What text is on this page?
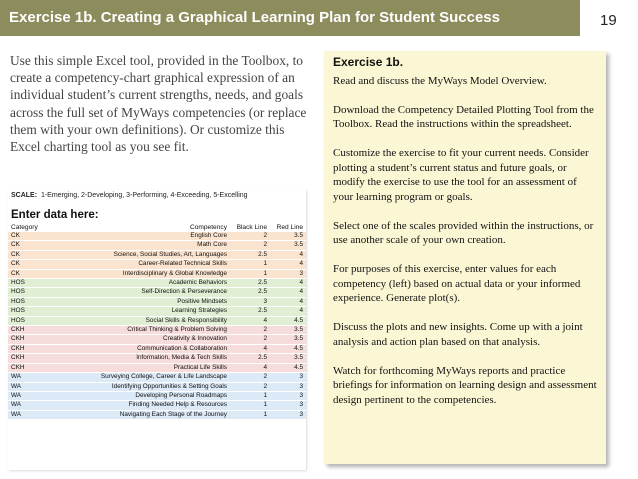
Exercise 1b. Creating a Graphical Learning Plan for Student Success	19

Use this simple Excel tool, provided in the Toolbox, to create a competency-chart graphical expression of an individual student’s current strengths, needs, and goals across the full set of MyWays competencies (or replace them with your own definitions). Or customize this Excel charting tool as you see fit.

SCALE: 1-Emerging, 2-Developing, 3-Performing, 4-Exceeding, 5-Excelling
Enter data here:
Category	Competency	Black Line	Red Line
CK	English Core	2	3.5
CK	Math Core	2	3.5
CK	Science, Social Studies, Art, Languages	2.5	4
CK	Career-Related Technical Skills	1	4
CK	Interdisciplinary & Global Knowledge	1	3
HOS	Academic Behaviors	2.5	4
HOS	Self-Direction & Perseverance	2.5	4
HOS	Positive Mindsets	3	4
HOS	Learning Strategies	2.5	4
HOS	Social Skills & Responsibility	4	4.5
CKH	Critical Thinking & Problem Solving	2	3.5
CKH	Creativity & Innovation	2	3.5
CKH	Communication & Collaboration	4	4.5
CKH	Information, Media & Tech Skills	2.5	3.5
CKH	Practical Life Skills	4	4.5
WA	Surveying College, Career & Life Landscape	2	3
WA	Identifying Opportunities & Setting Goals	2	3
WA	Developing Personal Roadmaps	1	3
WA	Finding Needed Help & Resources	1	3
WA	Navigating Each Stage of the Journey	1	3
Exercise 1b.

Read and discuss the MyWays Model Overview.

Download the Competency Detailed Plotting Tool from the Toolbox. Read the instructions within the spreadsheet.

Customize the exercise to fit your current needs. Consider plotting a student’s current status and future goals, or modify the exercise to use the tool for an assessment of your learning program or goals.

Select one of the scales provided within the instructions, or use another scale of your own creation.

For purposes of this exercise, enter values for each competency (left) based on actual data or your informed experience. Generate plot(s).

Discuss the plots and new insights. Come up with a joint analysis and action plan based on that analysis.

Watch for forthcoming MyWays reports and practice briefings for information on learning design and assessment design pertinent to the competencies.
